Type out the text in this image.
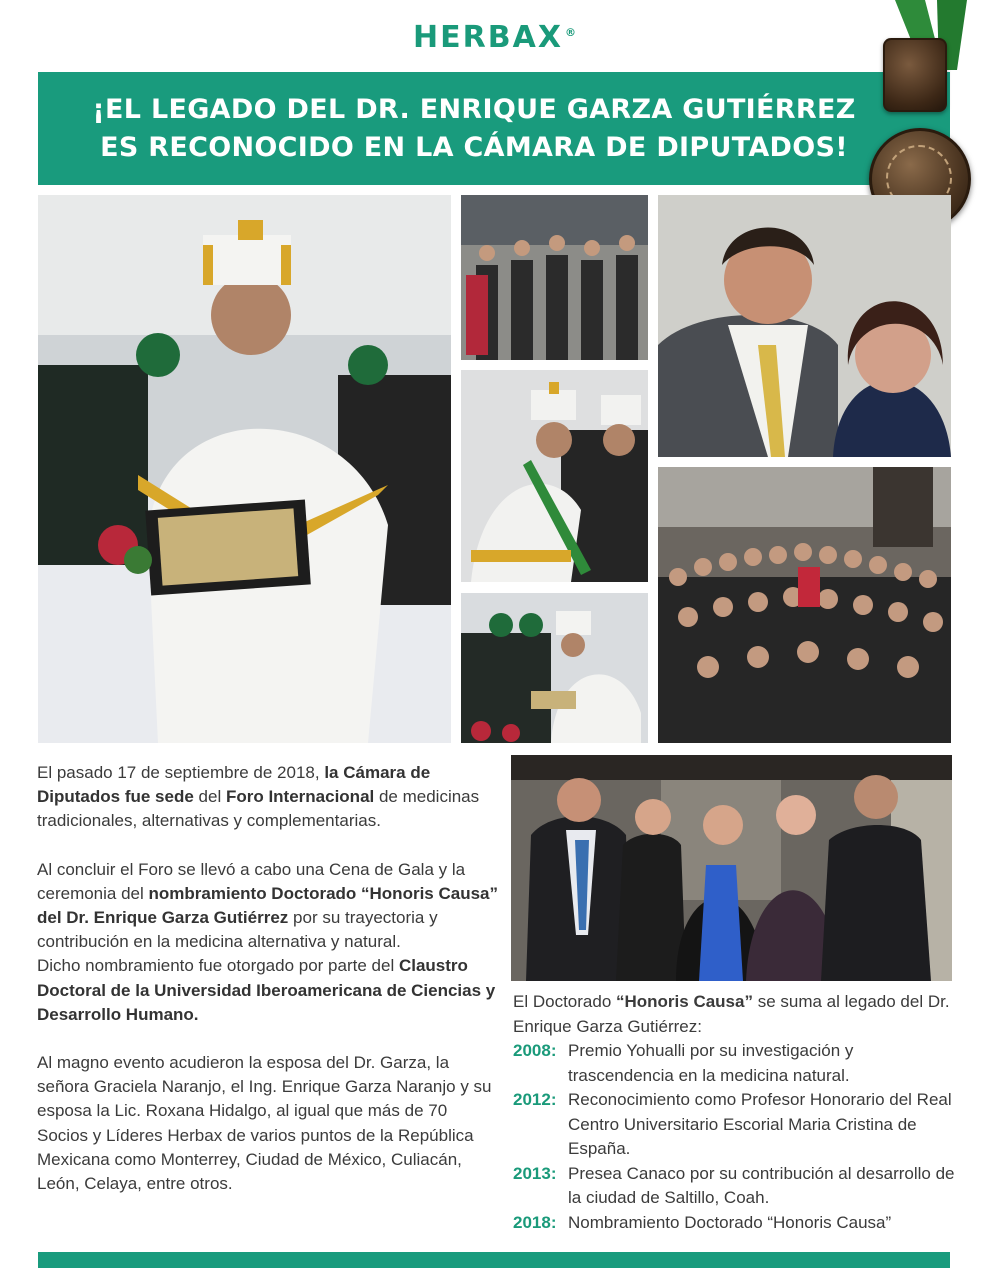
HERBAX ®
¡EL LEGADO DEL DR. ENRIQUE GARZA GUTIÉRREZ
ES RECONOCIDO EN LA CÁMARA DE DIPUTADOS!

El pasado 17 de septiembre de 2018, la Cámara de Diputados fue sede del Foro Internacional de medicinas tradicionales, alternativas y complementarias.

Al concluir el Foro se llevó a cabo una Cena de Gala y la ceremonia del nombramiento Doctorado “Honoris Causa” del Dr. Enrique Garza Gutiérrez por su trayectoria y contribución en la medicina alternativa y natural.

Dicho nombramiento fue otorgado por parte del Claustro Doctoral de la Universidad Iberoamericana de Ciencias y Desarrollo Humano.

Al magno evento acudieron la esposa del Dr. Garza, la señora Graciela Naranjo, el Ing. Enrique Garza Naranjo y su esposa la Lic. Roxana Hidalgo, al igual que más de 70 Socios y Líderes Herbax de varios puntos de la República Mexicana como Monterrey, Ciudad de México, Culiacán, León, Celaya, entre otros.

El Doctorado “Honoris Causa” se suma al legado del Dr. Enrique Garza Gutiérrez:

2008: Premio Yohualli por su investigación y trascendencia en la medicina natural.
2012: Reconocimiento como Profesor Honorario del Real Centro Universitario Escorial Maria Cristina de España.
2013: Presea Canaco por su contribución al desarrollo de la ciudad de Saltillo, Coah.
2018: Nombramiento Doctorado “Honoris Causa”
